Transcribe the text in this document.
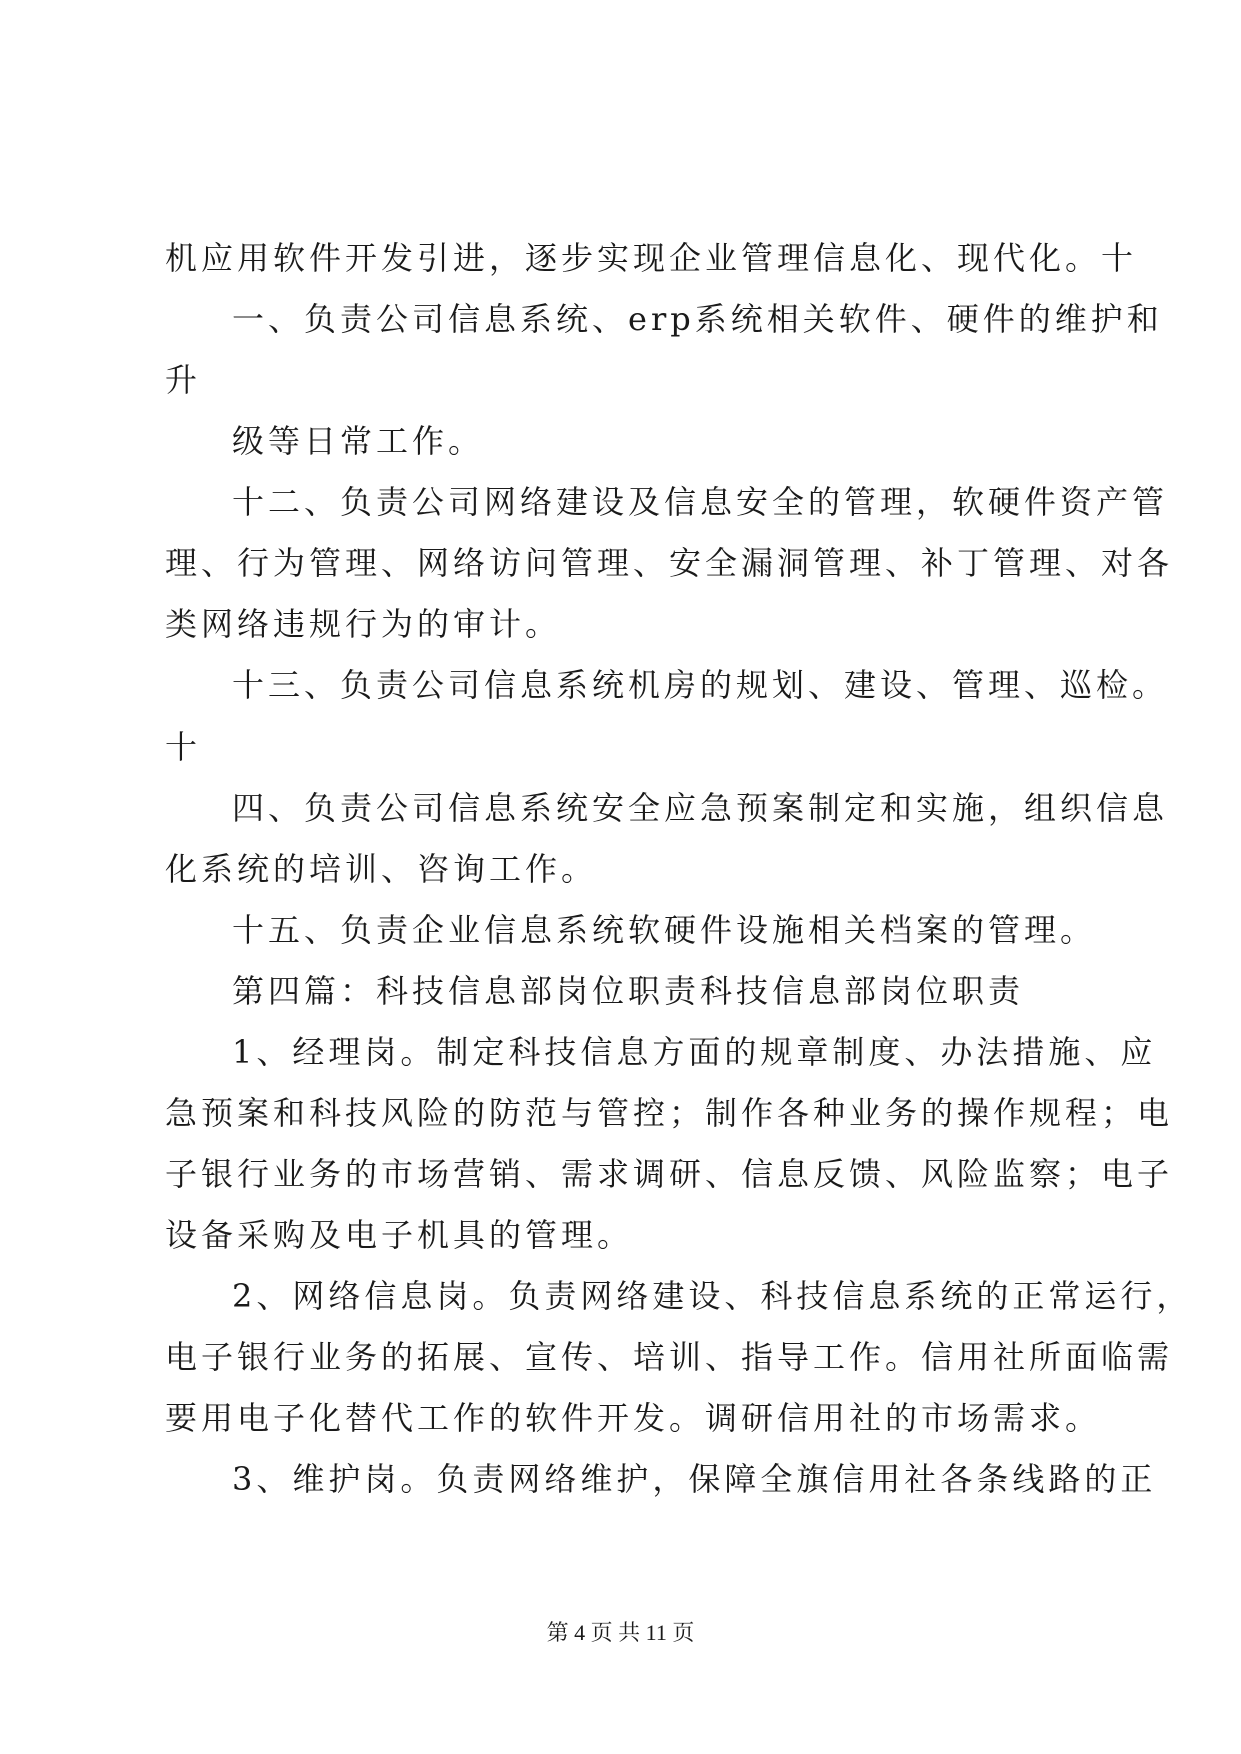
机应用软件开发引进，逐步实现企业管理信息化、现代化。十
一、负责公司信息系统、erp系统相关软件、硬件的维护和
升
级等日常工作。
十二、负责公司网络建设及信息安全的管理，软硬件资产管
理、行为管理、网络访问管理、安全漏洞管理、补丁管理、对各
类网络违规行为的审计。
十三、负责公司信息系统机房的规划、建设、管理、巡检。
十
四、负责公司信息系统安全应急预案制定和实施，组织信息
化系统的培训、咨询工作。
十五、负责企业信息系统软硬件设施相关档案的管理。
第四篇：科技信息部岗位职责科技信息部岗位职责
1、经理岗。制定科技信息方面的规章制度、办法措施、应
急预案和科技风险的防范与管控；制作各种业务的操作规程；电
子银行业务的市场营销、需求调研、信息反馈、风险监察；电子
设备采购及电子机具的管理。
2、网络信息岗。负责网络建设、科技信息系统的正常运行，
电子银行业务的拓展、宣传、培训、指导工作。信用社所面临需
要用电子化替代工作的软件开发。调研信用社的市场需求。
3、维护岗。负责网络维护，保障全旗信用社各条线路的正
第 4 页 共 11 页
